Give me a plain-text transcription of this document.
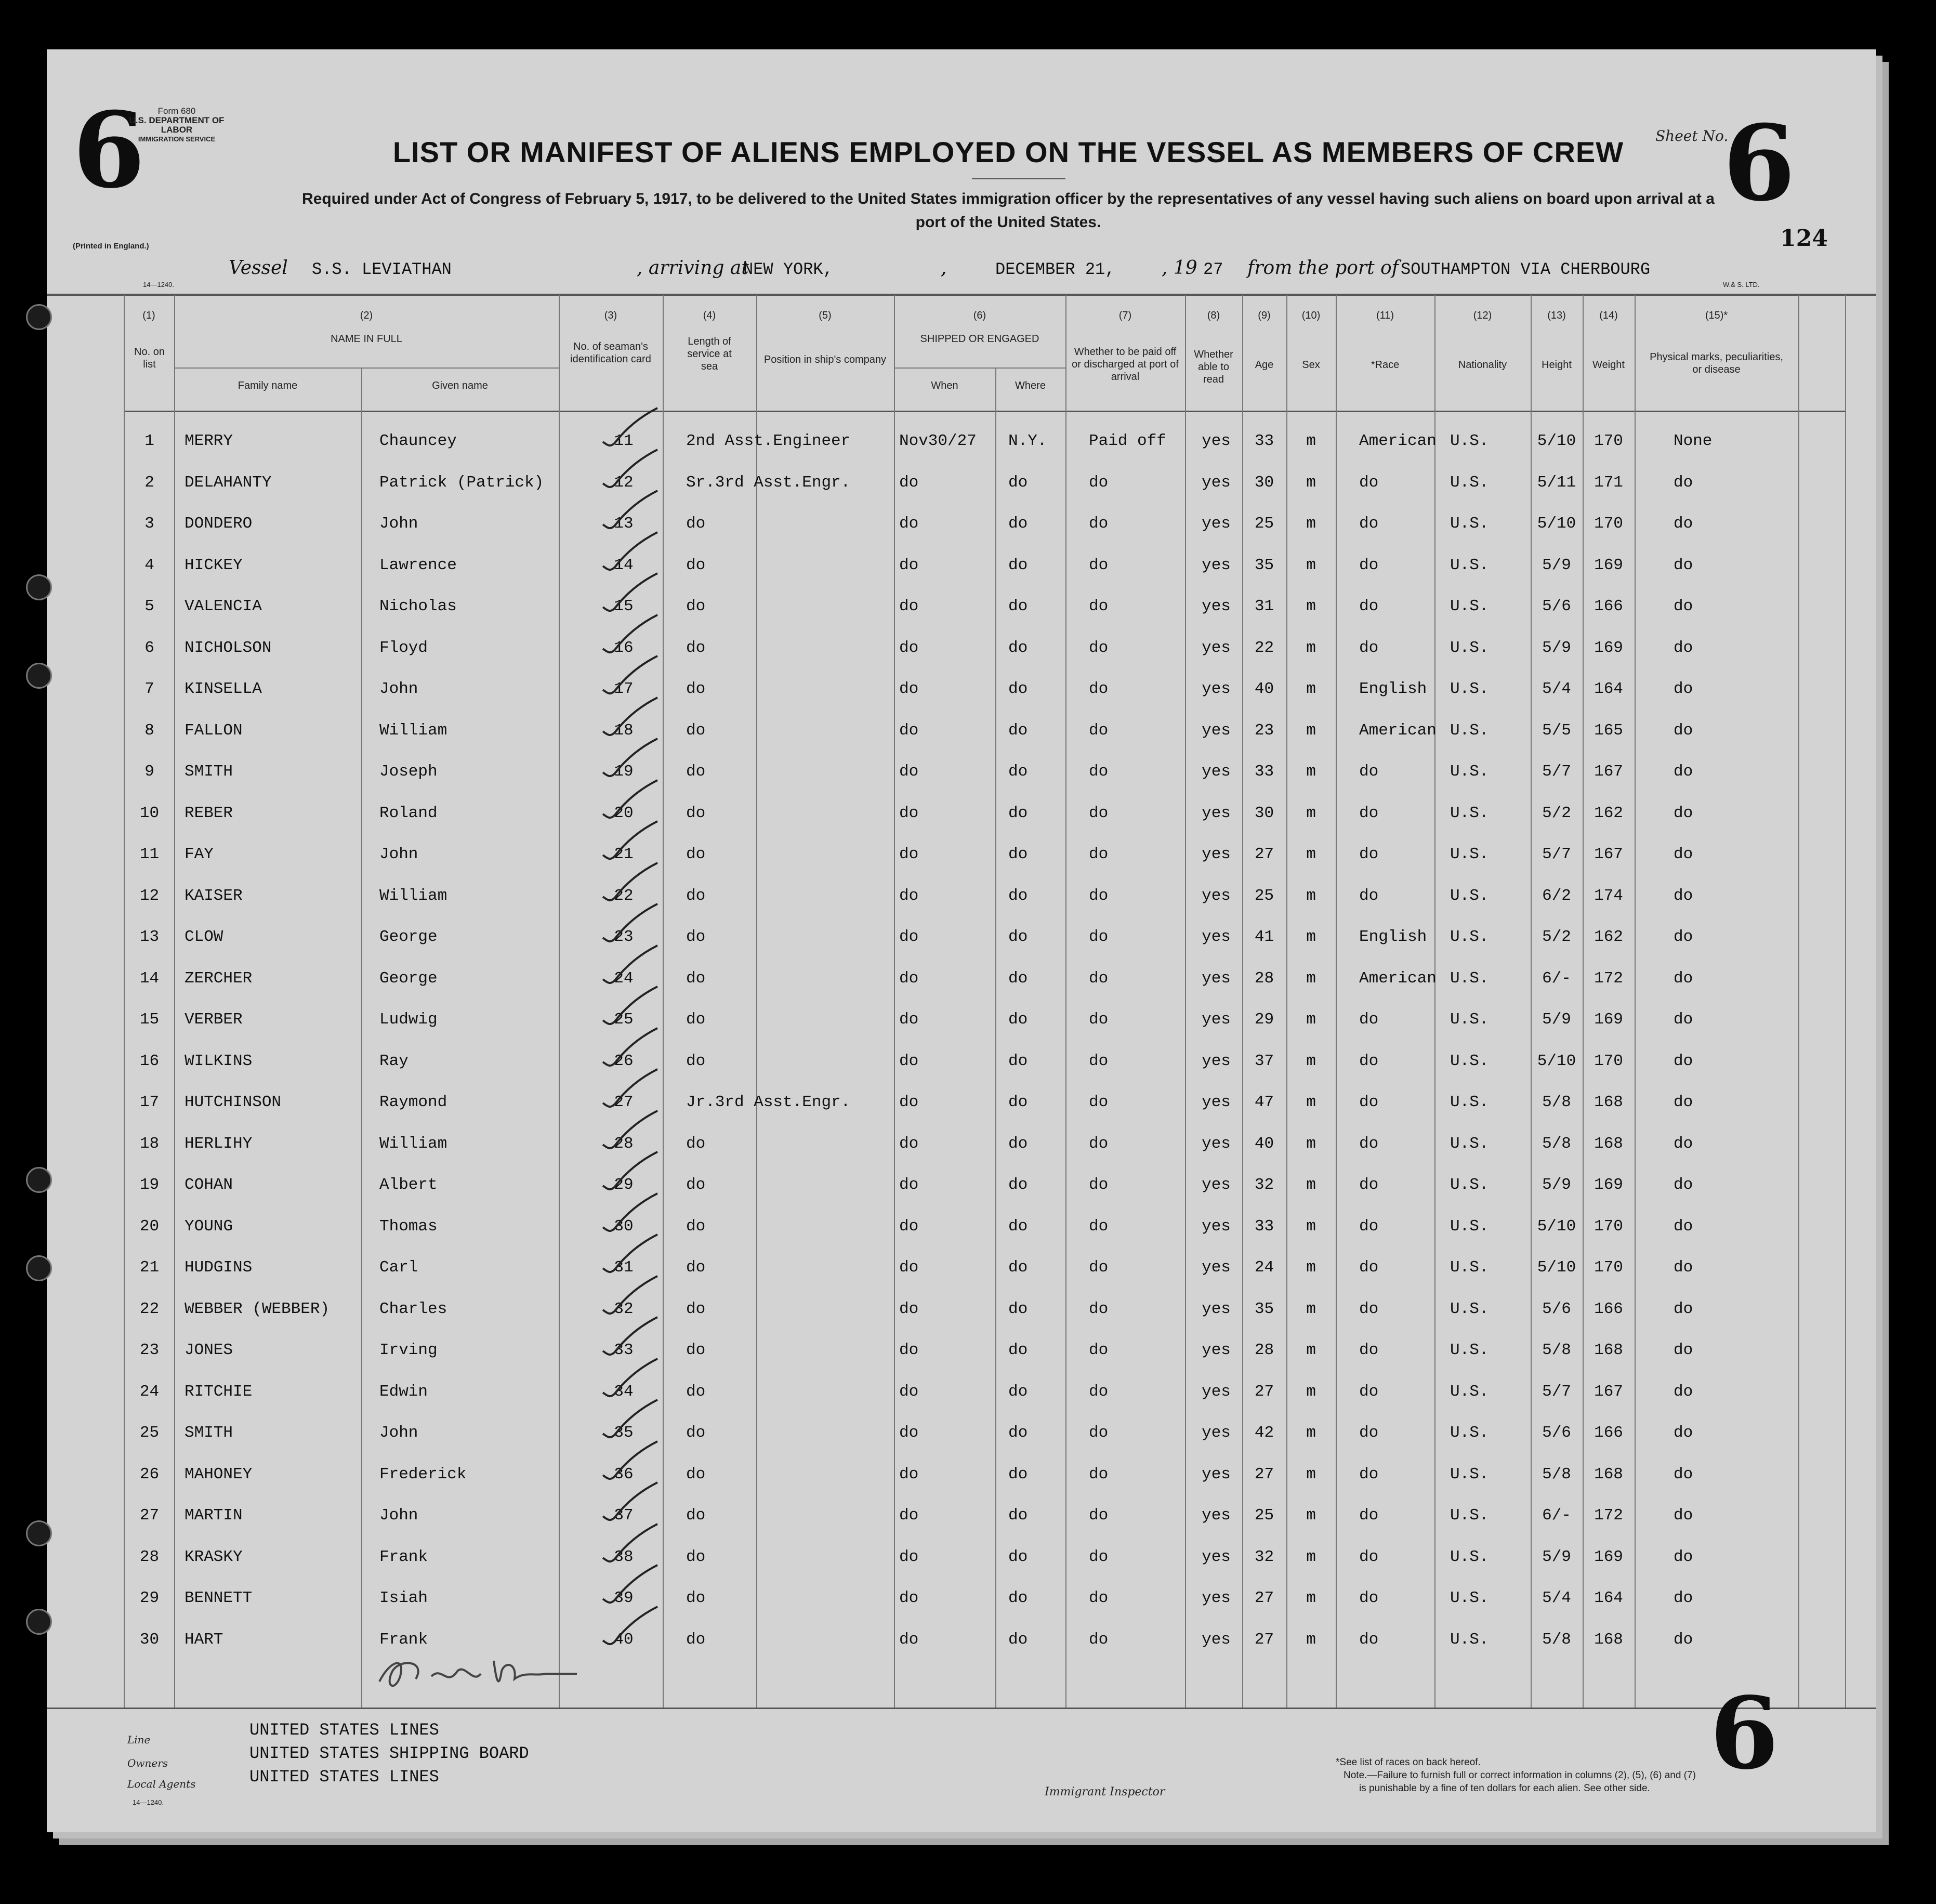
6	Form 680
U.S. DEPARTMENT OF LABOR
IMMIGRATION SERVICE
(Printed in England.)
14—1240.	W.& S. LTD.
Sheet No.
6
124
LIST OR MANIFEST OF ALIENS EMPLOYED ON THE VESSEL AS MEMBERS OF CREW
Required under Act of Congress of February 5, 1917, to be delivered to the United States immigration officer by the representatives of any vessel having such aliens on board upon arrival at a
port of the United States.
Vessel S.S. LEVIATHAN	, arriving at
NEW YORK,	,	DECEMBER 21, , 19 27 from the port of SOUTHAMPTON VIA CHERBOURG
(1)	(2)	(3)	(4)	(5)	(6)	(7)	(8)	(9)	(10)	(11)	(12)	(13)	(14)	(15)*
No. on list
NAME IN FULL
Family name	Given name
No. of seaman's identification card
Length of service at sea
Position in ship's company
SHIPPED OR ENGAGED
When	Where
Whether to be paid off or discharged at port of arrival
Whether able to read
Age	Sex	*Race	Nationality	Height	Weight
Physical marks, peculiarities, or disease
1	MERRY	Chauncey	11	2nd Asst.Engineer	Nov30/27	N.Y.	Paid off	yes	33	m	American U.S.	5/10	170	None
2	DELAHANTY	Patrick (Patrick)	12	Sr.3rd Asst.Engr.	do	do	do	yes	30	m	do	U.S.	5/11	171	do
3	DONDERO	John	13	do	do	do	do	yes	25	m	do	U.S.	5/10	170	do
4	HICKEY	Lawrence	14	do	do	do	do	yes	35	m	do	U.S.	5/9	169	do
5	VALENCIA	Nicholas	15	do	do	do	do	yes	31	m	do	U.S.	5/6	166	do
6	NICHOLSON	Floyd	16	do	do	do	do	yes	22	m	do	U.S.	5/9	169	do
7	KINSELLA	John	17	do	do	do	do	yes	40	m	English	U.S.	5/4	164	do
8	FALLON	William	18	do	do	do	do	yes	23	m	American U.S.	5/5	165	do
9	SMITH	Joseph	19	do	do	do	do	yes	33	m	do	U.S.	5/7	167	do
10	REBER	Roland	20	do	do	do	do	yes	30	m	do	U.S.	5/2	162	do
11	FAY	John	21	do	do	do	do	yes	27	m	do	U.S.	5/7	167	do
12	KAISER	William	22	do	do	do	do	yes	25	m	do	U.S.	6/2	174	do
13	CLOW	George	23	do	do	do	do	yes	41	m	English	U.S.	5/2	162	do
14	ZERCHER	George	24	do	do	do	do	yes	28	m	American U.S.	6/-	172	do
15	VERBER	Ludwig	25	do	do	do	do	yes	29	m	do	U.S.	5/9	169	do
16	WILKINS	Ray	26	do	do	do	do	yes	37	m	do	U.S.	5/10	170	do
17	HUTCHINSON	Raymond	27	Jr.3rd Asst.Engr.	do	do	do	yes	47	m	do	U.S.	5/8	168	do
18	HERLIHY	William	28	do	do	do	do	yes	40	m	do	U.S.	5/8	168	do
19	COHAN	Albert	29	do	do	do	do	yes	32	m	do	U.S.	5/9	169	do
20	YOUNG	Thomas	30	do	do	do	do	yes	33	m	do	U.S.	5/10	170	do
21	HUDGINS	Carl	31	do	do	do	do	yes	24	m	do	U.S.	5/10	170	do
22	WEBBER (WEBBER)	Charles	32	do	do	do	do	yes	35	m	do	U.S.	5/6	166	do
23	JONES	Irving	33	do	do	do	do	yes	28	m	do	U.S.	5/8	168	do
24	RITCHIE	Edwin	34	do	do	do	do	yes	27	m	do	U.S.	5/7	167	do
25	SMITH	John	35	do	do	do	do	yes	42	m	do	U.S.	5/6	166	do
26	MAHONEY	Frederick	36	do	do	do	do	yes	27	m	do	U.S.	5/8	168	do
27	MARTIN	John	37	do	do	do	do	yes	25	m	do	U.S.	6/-	172	do
28	KRASKY	Frank	38	do	do	do	do	yes	32	m	do	U.S.	5/9	169	do
29	BENNETT	Isiah	39	do	do	do	do	yes	27	m	do	U.S.	5/4	164	do
30	HART	Frank	40	do	do	do	do	yes	27	m	do	U.S.	5/8	168	do
Line	UNITED STATES LINES
Owners	UNITED STATES SHIPPING BOARD
Local Agents	UNITED STATES LINES
14—1240.
Immigrant Inspector
*See list of races on back hereof.
Note.—Failure to furnish full or correct information in columns (2), (5), (6) and (7)
is punishable by a fine of ten dollars for each alien. See other side. 6
